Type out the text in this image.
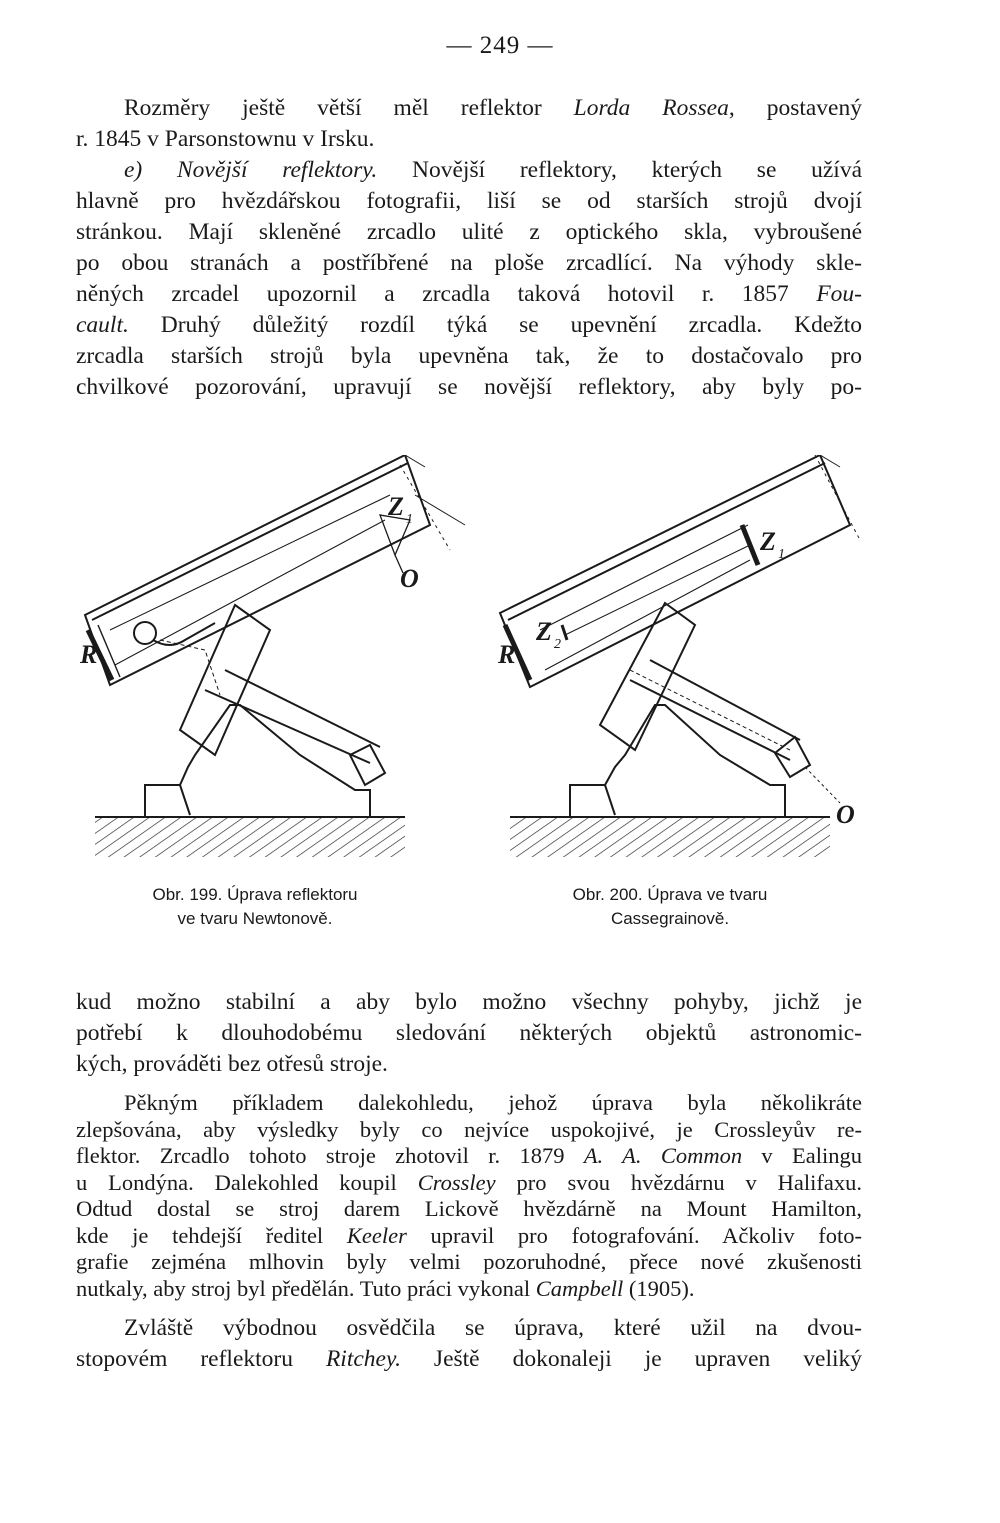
— 249 —
Rozměry ještě větší měl reflektor Lorda Rossea, postavený
r. 1845 v Parsonstownu v Irsku.
e) Novější reflektory. Novější reflektory, kterých se užívá
hlavně pro hvězdářskou fotografii, liší se od starších strojů dvojí
stránkou. Mají skleněné zrcadlo ulité z optického skla, vybroušené
po obou stranách a postříbřené na ploše zrcadlící. Na výhody skle-
něných zrcadel upozornil a zrcadla taková hotovil r. 1857 Fou-
cault. Druhý důležitý rozdíl týká se upevnění zrcadla. Kdežto
zrcadla starších strojů byla upevněna tak, že to dostačovalo pro
chvilkové pozorování, upravují se novější reflektory, aby byly po-
R
Z 1
O
R
Z 1
Z 2
O
Obr. 199. Úprava reflektoru
ve tvaru Newtonově.
Obr. 200. Úprava ve tvaru
Cassegrainově.
kud možno stabilní a aby bylo možno všechny pohyby, jichž je
potřebí k dlouhodobému sledování některých objektů astronomic-
kých, prováděti bez otřesů stroje.
Pěkným příkladem dalekohledu, jehož úprava byla několikráte
zlepšována, aby výsledky byly co nejvíce uspokojivé, je Crossleyův re-
flektor. Zrcadlo tohoto stroje zhotovil r. 1879 A. A. Common v Ealingu
u Londýna. Dalekohled koupil Crossley pro svou hvězdárnu v Halifaxu.
Odtud dostal se stroj darem Lickově hvězdárně na Mount Hamilton,
kde je tehdejší ředitel Keeler upravil pro fotografování. Ačkoliv foto-
grafie zejména mlhovin byly velmi pozoruhodné, přece nové zkušenosti
nutkaly, aby stroj byl předělán. Tuto práci vykonal Campbell (1905).
Zvláště výbodnou osvědčila se úprava, které užil na dvou-
stopovém reflektoru Ritchey. Ještě dokonaleji je upraven veliký
